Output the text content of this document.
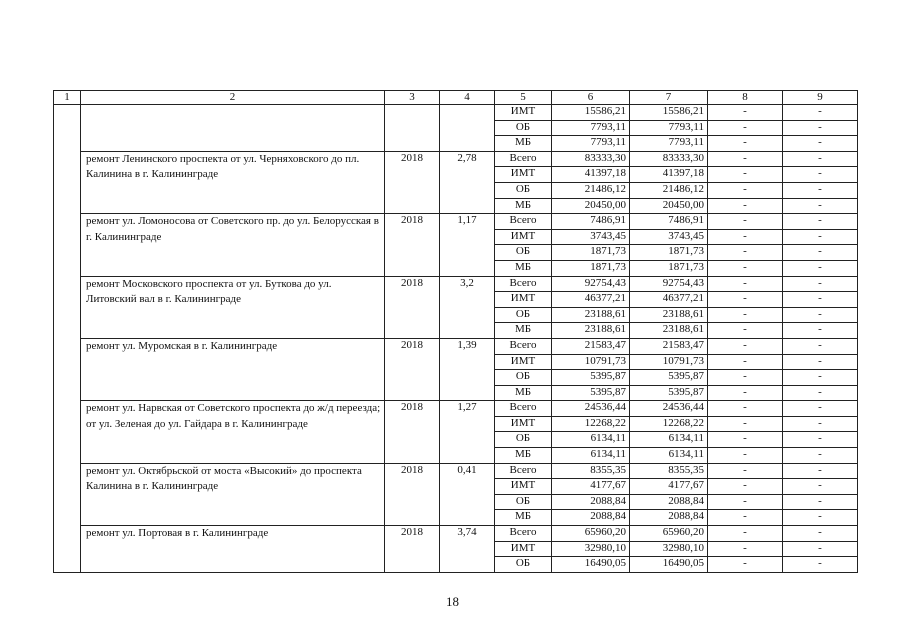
1	2	3	4	5	6	7	8	9
				ИМТ	15586,21	15586,21	-	-
				ОБ	7793,11	7793,11	-	-
				МБ	7793,11	7793,11	-	-
	ремонт Ленинского проспекта от ул. Черняховского до пл. Калинина в г. Калининграде	2018	2,78	Всего	83333,30	83333,30	-	-
				ИМТ	41397,18	41397,18	-	-
				ОБ	21486,12	21486,12	-	-
				МБ	20450,00	20450,00	-	-
	ремонт ул. Ломоносова от Советского пр. до ул. Белорусская в г. Калининграде	2018	1,17	Всего	7486,91	7486,91	-	-
				ИМТ	3743,45	3743,45	-	-
				ОБ	1871,73	1871,73	-	-
				МБ	1871,73	1871,73	-	-
	ремонт Московского проспекта от ул. Буткова до ул. Литовский вал в г. Калининграде	2018	3,2	Всего	92754,43	92754,43	-	-
				ИМТ	46377,21	46377,21	-	-
				ОБ	23188,61	23188,61	-	-
				МБ	23188,61	23188,61	-	-
	ремонт ул. Муромская в г. Калининграде	2018	1,39	Всего	21583,47	21583,47	-	-
				ИМТ	10791,73	10791,73	-	-
				ОБ	5395,87	5395,87	-	-
				МБ	5395,87	5395,87	-	-
	ремонт ул. Нарвская от Советского проспекта до ж/д переезда; от ул. Зеленая до ул. Гайдара в г. Калининграде	2018	1,27	Всего	24536,44	24536,44	-	-
				ИМТ	12268,22	12268,22	-	-
				ОБ	6134,11	6134,11	-	-
				МБ	6134,11	6134,11	-	-
	ремонт ул. Октябрьской от моста «Высокий» до проспекта Калинина в г. Калининграде	2018	0,41	Всего	8355,35	8355,35	-	-
				ИМТ	4177,67	4177,67	-	-
				ОБ	2088,84	2088,84	-	-
				МБ	2088,84	2088,84	-	-
	ремонт ул. Портовая в г. Калининграде	2018	3,74	Всего	65960,20	65960,20	-	-
				ИМТ	32980,10	32980,10	-	-
				ОБ	16490,05	16490,05	-	-
18
